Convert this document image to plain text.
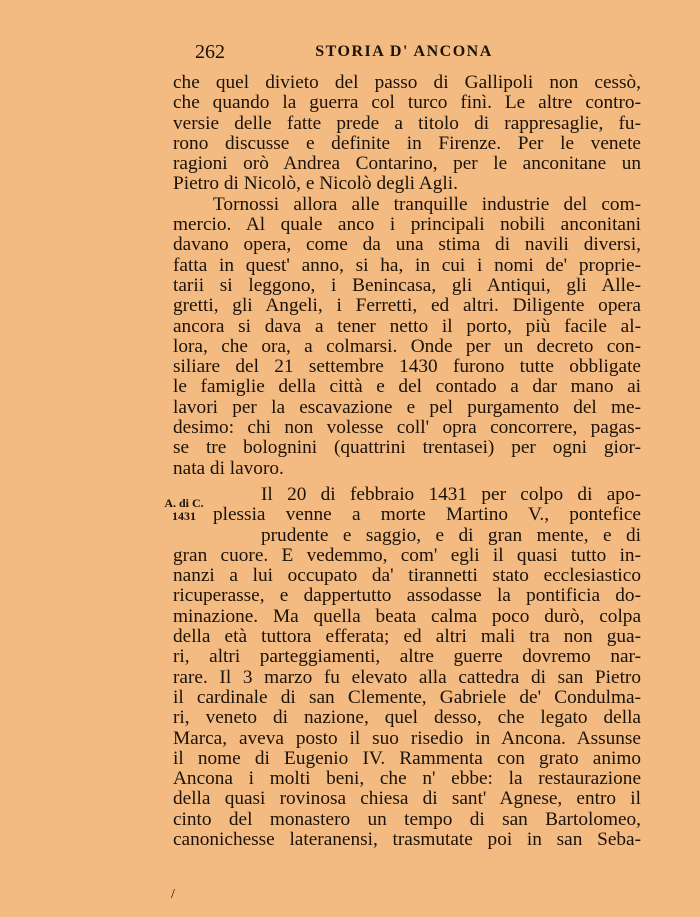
262	STORIA D' ANCONA
A. di C.
1431

che quel divieto del passo di Gallipoli non cessò,
che quando la guerra col turco finì. Le altre contro-
versie delle fatte prede a titolo di rappresaglie, fu-
rono discusse e definite in Firenze. Per le venete
ragioni orò Andrea Contarino, per le anconitane un
Pietro di Nicolò, e Nicolò degli Agli.

Tornossi allora alle tranquille industrie del com-
mercio. Al quale anco i principali nobili anconitani
davano opera, come da una stima di navili diversi,
fatta in quest' anno, si ha, in cui i nomi de' proprie-
tarii si leggono, i Benincasa, gli Antiqui, gli Alle-
gretti, gli Angeli, i Ferretti, ed altri. Diligente opera
ancora si dava a tener netto il porto, più facile al-
lora, che ora, a colmarsi. Onde per un decreto con-
siliare del 21 settembre 1430 furono tutte obbligate
le famiglie della città e del contado a dar mano ai
lavori per la escavazione e pel purgamento del me-
desimo: chi non volesse coll' opra concorrere, pagas-
se tre bolognini (quattrini trentasei) per ogni gior-
nata di lavoro.

Il 20 di febbraio 1431 per colpo di apo-
plessia venne a morte Martino V., pontefice
prudente e saggio, e di gran mente, e di
gran cuore. E vedemmo, com' egli il quasi tutto in-
nanzi a lui occupato da' tirannetti stato ecclesiastico
ricuperasse, e dappertutto assodasse la pontificia do-
minazione. Ma quella beata calma poco durò, colpa
della età tuttora efferata; ed altri mali tra non gua-
ri, altri parteggiamenti, altre guerre dovremo nar-
rare. Il 3 marzo fu elevato alla cattedra di san Pietro
il cardinale di san Clemente, Gabriele de' Condulma-
ri, veneto di nazione, quel desso, che legato della
Marca, aveva posto il suo risedio in Ancona. Assunse
il nome di Eugenio IV. Rammenta con grato animo
Ancona i molti beni, che n' ebbe: la restaurazione
della quasi rovinosa chiesa di sant' Agnese, entro il
cinto del monastero un tempo di san Bartolomeo,
canonichesse lateranensi, trasmutate poi in san Seba-

/
